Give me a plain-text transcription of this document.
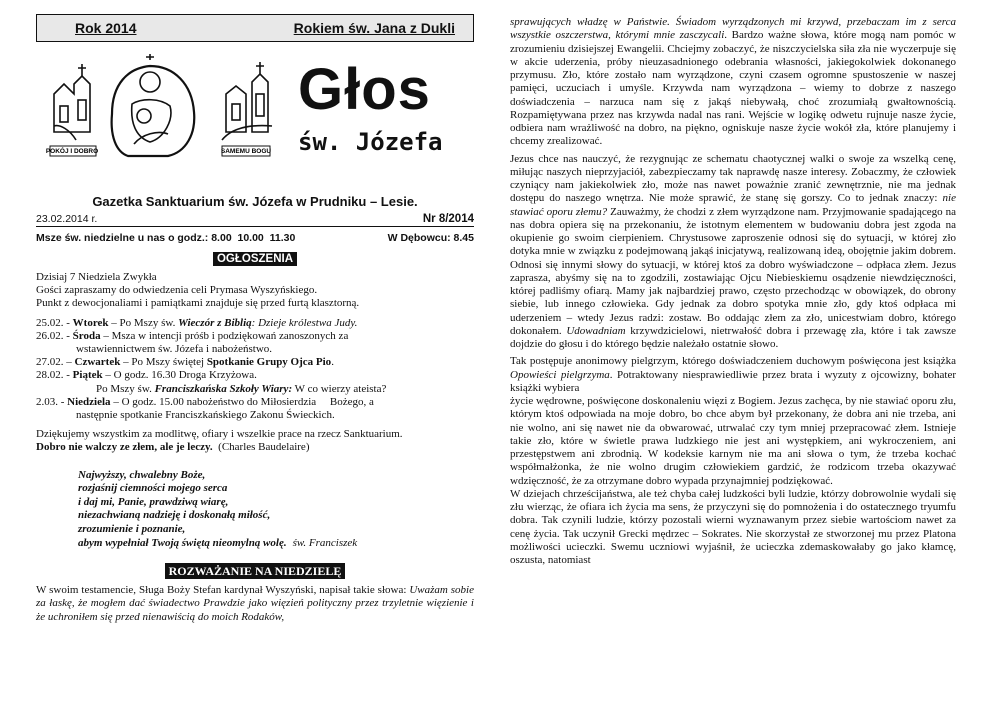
Rok 2014	Rokiem św. Jana z Dukli
POKÓJ I DOBRO	SAMEMU BOGU
Głos
św. Józefa
Gazetka Sanktuarium św. Józefa w Prudniku – Lesie.
23.02.2014 r.	Nr 8/2014
Msze św. niedzielne u nas o godz.: 8.00  10.00  11.30	W Dębowcu: 8.45
OGŁOSZENIA

Dzisiaj 7 Niedziela Zwykła

Gości zapraszamy do odwiedzenia celi Prymasa Wyszyńskiego.

Punkt z dewocjonaliami i pamiątkami znajduje się przed furtą klasztorną.

25.02. - Wtorek – Po Mszy św. Wieczór z Biblią: Dzieje królestwa Judy.

26.02. - Środa – Msza w intencji próśb i podziękowań zanoszonych za
wstawiennictwem św. Józefa i nabożeństwo.

27.02. – Czwartek – Po Mszy świętej Spotkanie Grupy Ojca Pio.

28.02. - Piątek – O godz. 16.30 Droga Krzyżowa.
Po Mszy św. Franciszkańska Szkoły Wiary: W co wierzy ateista?

2.03. - Niedziela – O godz. 15.00 nabożeństwo do Miłosierdzia     Bożego, a
następnie spotkanie Franciszkańskiego Zakonu Świeckich.

Dziękujemy wszystkim za modlitwę, ofiary i wszelkie prace na rzecz Sanktuarium.

Dobro nie walczy ze złem, ale je leczy.  (Charles Baudelaire)

Najwyższy, chwalebny Boże,
rozjaśnij ciemności mojego serca
i daj mi, Panie, prawdziwą wiarę,
niezachwianą nadzieję i doskonałą miłość,
zrozumienie i poznanie,
abym wypełniał Twoją świętą nieomylną wolę. św. Franciszek
ROZWAŻANIE NA NIEDZIELĘ

W swoim testamencie, Sługa Boży Stefan kardynał Wyszyński, napisał takie słowa: Uważam sobie za łaskę, że mogłem dać świadectwo Prawdzie jako więzień polityczny przez trzyletnie więzienie i że uchroniłem się przed nienawiścią do moich Rodaków,

sprawujących władzę w Państwie. Świadom wyrządzonych mi krzywd, przebaczam im z serca wszystkie oszczerstwa, którymi mnie zasczycali. Bardzo ważne słowa, które mogą nam pomóc w zrozumieniu dzisiejszej Ewangelii. Chciejmy zobaczyć, że niszczycielska siła zła nie wyczerpuje się w akcie uderzenia, próby nieuzasadnionego odebrania własności, jakiegokolwiek dokonanego przymusu. Zło, które zostało nam wyrządzone, czyni czasem ogromne spustoszenie w naszej pamięci, uczuciach i umyśle. Krzywda nam wyrządzona – wiemy to dobrze z naszego doświadczenia – narzuca nam się z jakąś niebywałą, choć zrozumiałą gwałtownością. Rozpamiętywana przez nas krzywda nadal nas rani. Wejście w logikę odwetu rujnuje nasze życie, odbiera nam wrażliwość na dobro, na piękno, ogniskuje nasze życie wokół zła, które planujemy i chcemy zrealizować.

Jezus chce nas nauczyć, że rezygnując ze schematu chaotycznej walki o swoje za wszelką cenę, miłując naszych nieprzyjaciół, zabezpieczamy tak naprawdę nasze interesy. Zobaczmy, że człowiek czyniący nam jakiekolwiek zło, może nas nawet poważnie zranić zewnętrznie, nie ma jednak dostępu do naszego wnętrza. Nie może sprawić, że stanę się gorszy. Co to jednak znaczy: nie stawiać oporu złemu? Zauważmy, że chodzi z złem wyrządzone nam. Przyjmowanie spadającego na nas dobra opiera się na przekonaniu, że istotnym elementem w budowaniu dobra jest zgoda na okupienie go swoim cierpieniem. Chrystusowe zaproszenie odnosi się do sytuacji, w której zło dotyka mnie w związku z podejmowaną jakąś inicjatywą, realizowaną ideą, obojętnie jakim dobrem. Odnosi się innymi słowy do sytuacji, w której ktoś za dobro wyświadczone – odpłaca złem. Jezus zaprasza, abyśmy się na to zgodzili, zostawiając Ojcu Niebieskiemu osądzenie niewdzięczności, której padliśmy ofiarą. Mamy jak najbardziej prawo, często przechodząc w obowiązek, do obrony siebie, lub innego człowieka. Gdy jednak za dobro spotyka mnie zło, gdy ktoś odpłaca mi uderzeniem – wtedy Jezus radzi: zostaw. Bo oddając złem za zło, unicestwiam dobro, którego dokonałem. Udowadniam krzywdzicielowi, nietrwałość dobra i przewagę zła, które i tak zawsze dojdzie do głosu i do którego będzie należało ostatnie słowo.

Tak postępuje anonimowy pielgrzym, którego doświadczeniem duchowym poświęcona jest książka Opowieści pielgrzyma. Potraktowany niesprawiedliwie przez brata i wyzuty z ojcowizny, bohater książki wybiera
życie wędrowne, poświęcone doskonaleniu więzi z Bogiem. Jezus zachęca, by nie stawiać oporu złu, którym ktoś odpowiada na moje dobro, bo chce abym był przekonany, że dobra ani nie trzeba, ani nie wolno, ani się nawet nie da obwarować, utrwalać czy tym mniej przepracować złem. Istnieje takie zło, które w świetle prawa ludzkiego nie jest ani występkiem, ani wykroczeniem, ani przestępstwem ani zbrodnią. W kodeksie karnym nie ma ani słowa o tym, że trzeba kochać współmałżonka, że nie wolno drugim człowiekiem gardzić, że rodzicom trzeba okazywać wdzięczność, że za otrzymane dobro wypada przynajmniej podziękować.

W dziejach chrześcijaństwa, ale też chyba całej ludzkości byli ludzie, którzy dobrowolnie wydali się złu wierząc, że ofiara ich życia ma sens, że przyczyni się do pomnożenia i do ostatecznego tryumfu dobra. Tak czynili ludzie, którzy pozostali wierni wyznawanym przez siebie wartościom nawet za cenę życia. Tak uczynił Grecki mędrzec – Sokrates. Nie skorzystał ze stworzonej mu przez Platona możliwości ucieczki. Swemu uczniowi wyjaśnił, że ucieczka zdemaskowałaby go jako kłamcę, oszusta, natomiast
